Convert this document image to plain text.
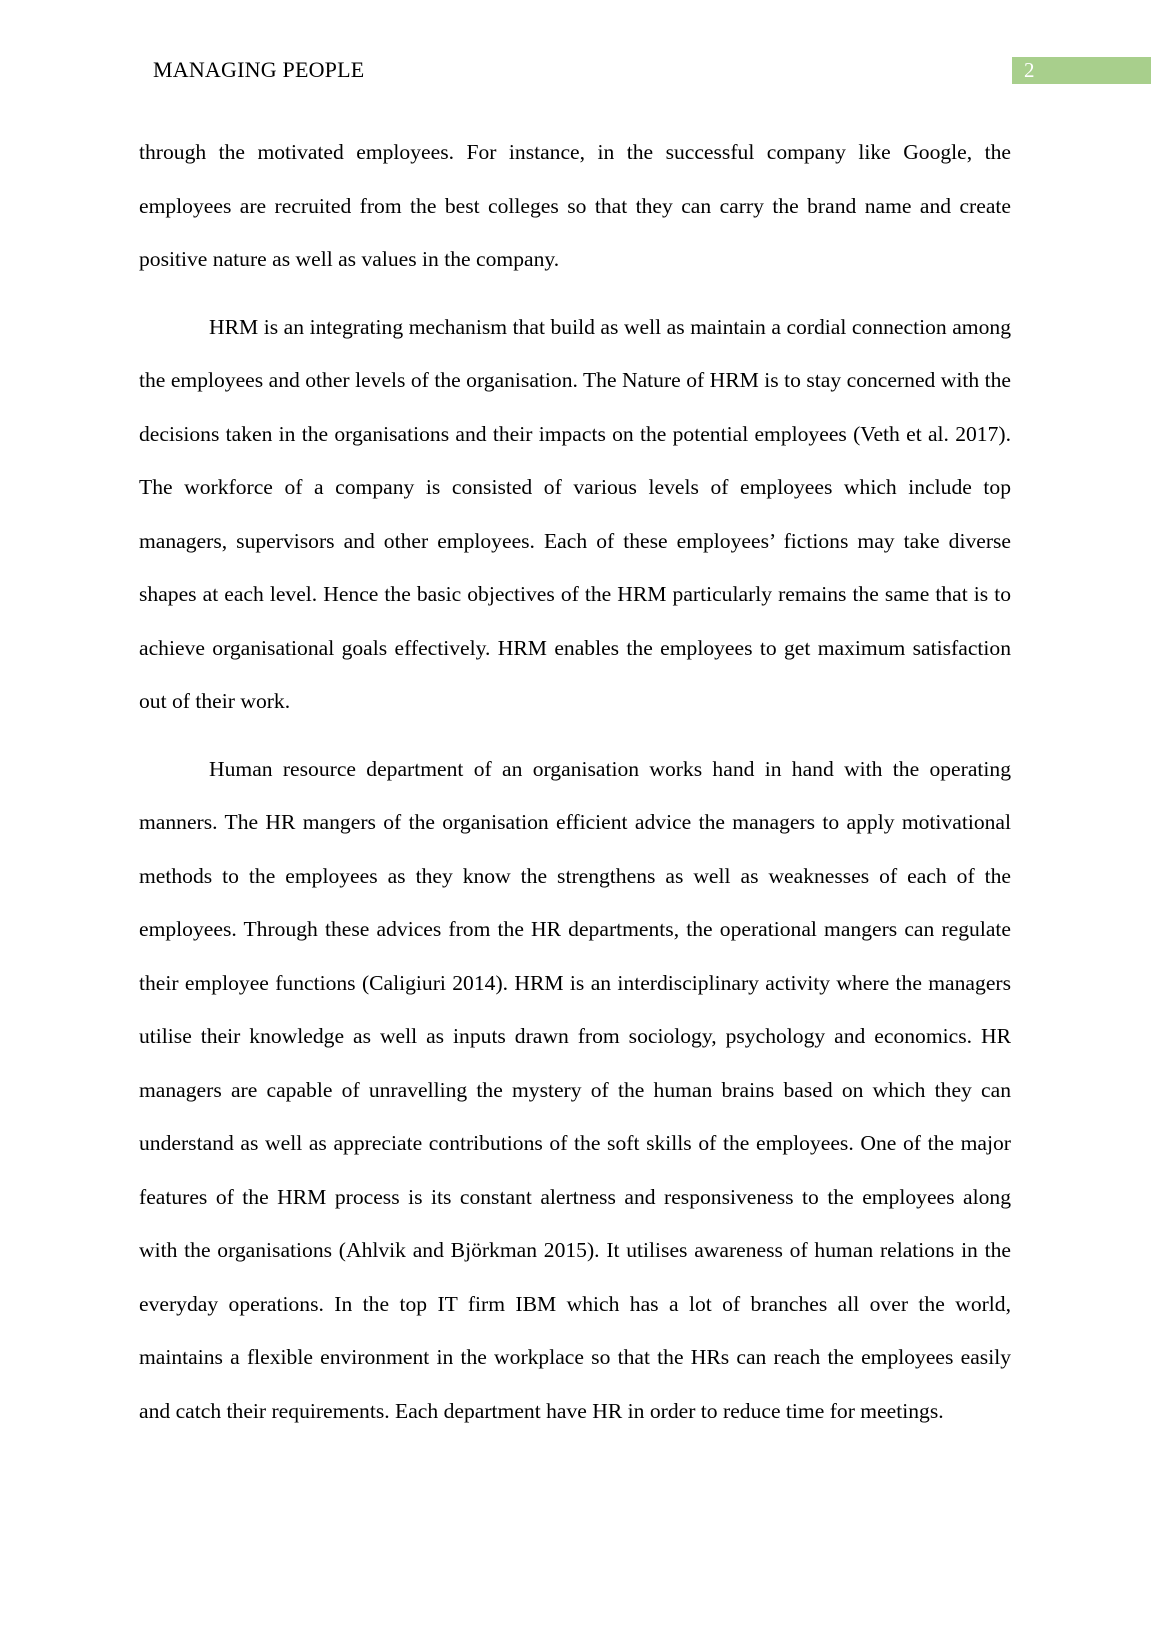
MANAGING PEOPLE	2

through the motivated employees. For instance, in the successful company like Google, the employees are recruited from the best colleges so that they can carry the brand name and create positive nature as well as values in the company.

HRM is an integrating mechanism that build as well as maintain a cordial connection among the employees and other levels of the organisation. The Nature of HRM is to stay concerned with the decisions taken in the organisations and their impacts on the potential employees (Veth et al. 2017). The workforce of a company is consisted of various levels of employees which include top managers, supervisors and other employees. Each of these employees’ fictions may take diverse shapes at each level. Hence the basic objectives of the HRM particularly remains the same that is to achieve organisational goals effectively. HRM enables the employees to get maximum satisfaction out of their work.

Human resource department of an organisation works hand in hand with the operating manners. The HR mangers of the organisation efficient advice the managers to apply motivational methods to the employees as they know the strengthens as well as weaknesses of each of the employees. Through these advices from the HR departments, the operational mangers can regulate their employee functions (Caligiuri 2014). HRM is an interdisciplinary activity where the managers utilise their knowledge as well as inputs drawn from sociology, psychology and economics. HR managers are capable of unravelling the mystery of the human brains based on which they can understand as well as appreciate contributions of the soft skills of the employees. One of the major features of the HRM process is its constant alertness and responsiveness to the employees along with the organisations (Ahlvik and Björkman 2015). It utilises awareness of human relations in the everyday operations. In the top IT firm IBM which has a lot of branches all over the world, maintains a flexible environment in the workplace so that the HRs can reach the employees easily and catch their requirements. Each department have HR in order to reduce time for meetings.
